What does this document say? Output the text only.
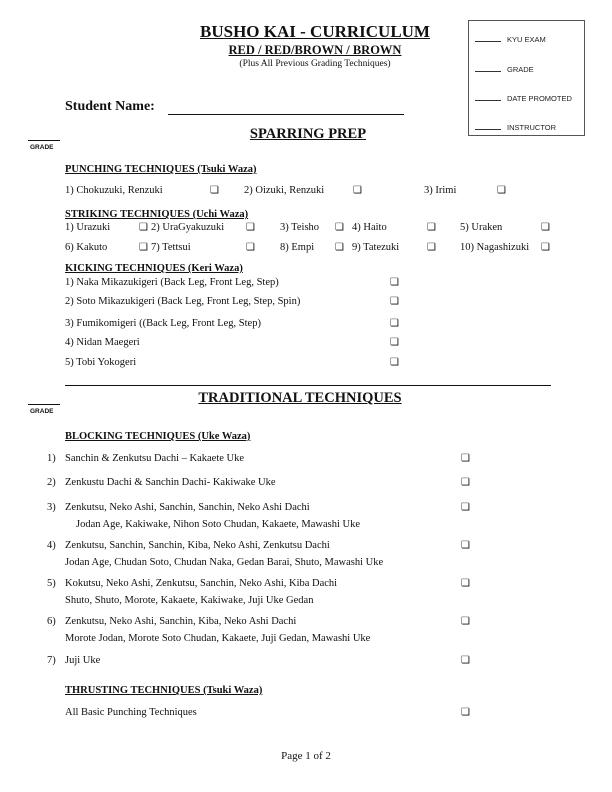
BUSHO KAI - CURRICULUM
RED / RED/BROWN / BROWN
(Plus All Previous Grading Techniques)
KYU EXAM
GRADE
DATE PROMOTED
INSTRUCTOR
Student Name:
GRADE
SPARRING PREP
PUNCHING TECHNIQUES (Tsuki Waza)
1) Chokuzuki, Renzuki	❏ 2) Oizuki, Renzuki	❏	3) Irimi	❏
STRIKING TECHNIQUES (Uchi Waza)
1) Urazuki	❏ 2) UraGyakuzuki ❏ 3) Teisho ❏ 4) Haito	❏ 5) Uraken	❏
6) Kakuto	❏ 7) Tettsui	❏ 8) Empi ❏ 9) Tatezuki	❏ 10) Nagashizuki ❏
KICKING TECHNIQUES (Keri Waza)
1) Naka Mikazukigeri (Back Leg, Front Leg, Step)	❏
2) Soto Mikazukigeri (Back Leg, Front Leg, Step, Spin)	❏
3) Fumikomigeri ((Back Leg, Front Leg, Step)	❏
4) Nidan Maegeri	❏
5) Tobi Yokogeri	❏
GRADE
TRADITIONAL TECHNIQUES
BLOCKING TECHNIQUES (Uke Waza)
1) Sanchin & Zenkutsu Dachi – Kakaete Uke	❏
2) Zenkustu Dachi & Sanchin Dachi- Kakiwake Uke	❏
3) Zenkutsu, Neko Ashi, Sanchin, Sanchin, Neko Ashi Dachi
Jodan Age, Kakiwake, Nihon Soto Chudan, Kakaete, Mawashi Uke
❏
4) Zenkutsu, Sanchin, Sanchin, Kiba, Neko Ashi, Zenkutsu Dachi
Jodan Age, Chudan Soto, Chudan Naka, Gedan Barai, Shuto, Mawashi Uke
❏
5) Kokutsu, Neko Ashi, Zenkutsu, Sanchin, Neko Ashi, Kiba Dachi
Shuto, Shuto, Morote, Kakaete, Kakiwake, Juji Uke Gedan
❏
6) Zenkutsu, Neko Ashi, Sanchin, Kiba, Neko Ashi Dachi
Morote Jodan, Morote Soto Chudan, Kakaete, Juji Gedan, Mawashi Uke
❏
7) Juji Uke	❏
THRUSTING TECHNIQUES (Tsuki Waza)
All Basic Punching Techniques	❏
Page 1 of 2
